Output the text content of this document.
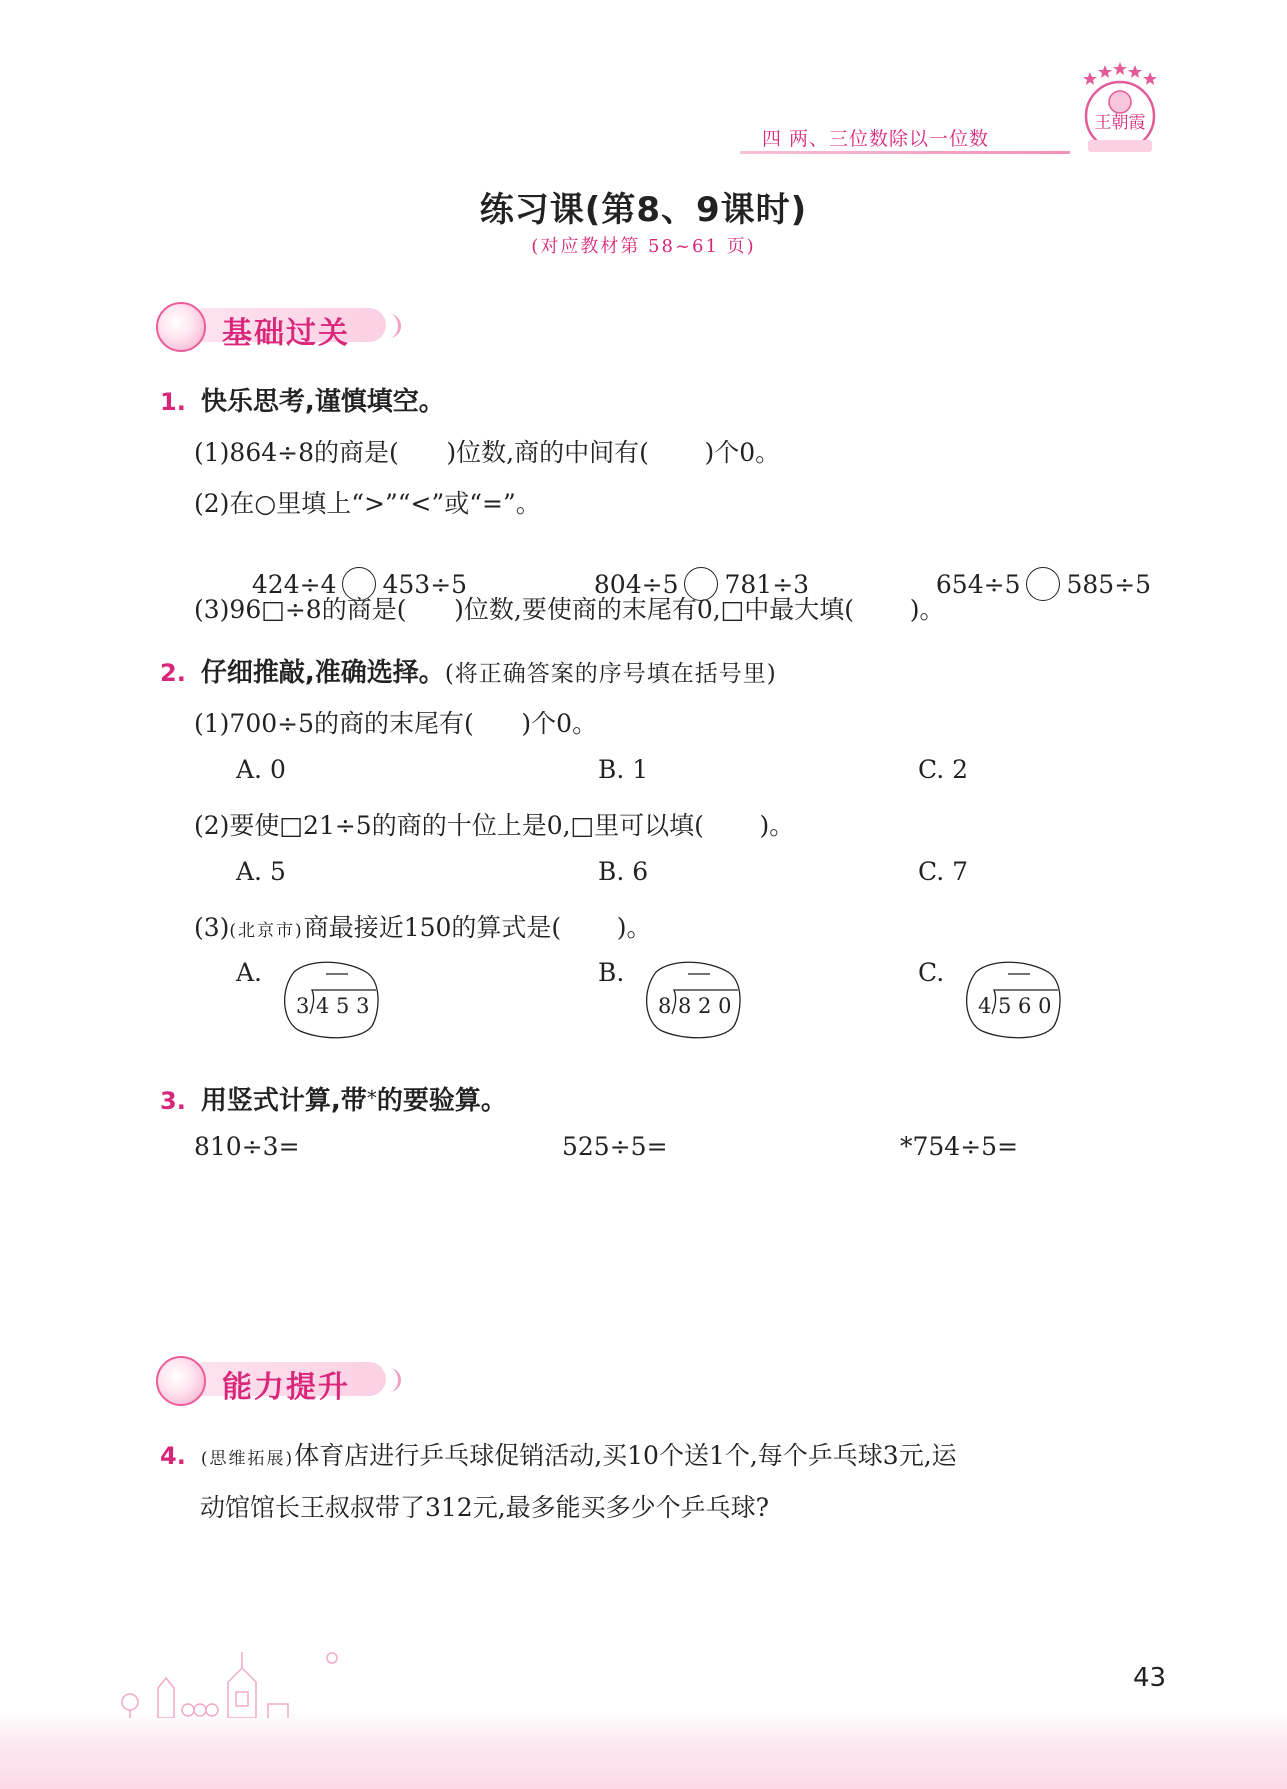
四 两、三位数除以一位数
王朝霞
练习课(第8、9课时)
(对应教材第 58~61 页)
基础过关
1. 快乐思考,谨慎填空。
(1)864÷8的商是(      )位数,商的中间有(       )个0。
(2)在○里填上“>”“<”或“=”。

424÷4 453÷5	804÷5 781÷3	654÷5 585÷5

(3)96□÷8的商是(      )位数,要使商的末尾有0,□中最大填(       )。
2. 仔细推敲,准确选择。(将正确答案的序号填在括号里)
(1)700÷5的商的末尾有(      )个0。
A. 0	B. 1	C. 2
(2)要使□21÷5的商的十位上是0,□里可以填(       )。
A. 5	B. 6	C. 7
(3)(北京市)商最接近150的算式是(       )。
A.
3 4 5 3
B.
8 8 2 0
C.
4 5 6 0
3. 用竖式计算,带*的要验算。
810÷3=	525÷5=	*754÷5=
能力提升
4. (思维拓展)体育店进行乒乓球促销活动,买10个送1个,每个乒乓球3元,运
动馆馆长王叔叔带了312元,最多能买多少个乒乓球?
43
